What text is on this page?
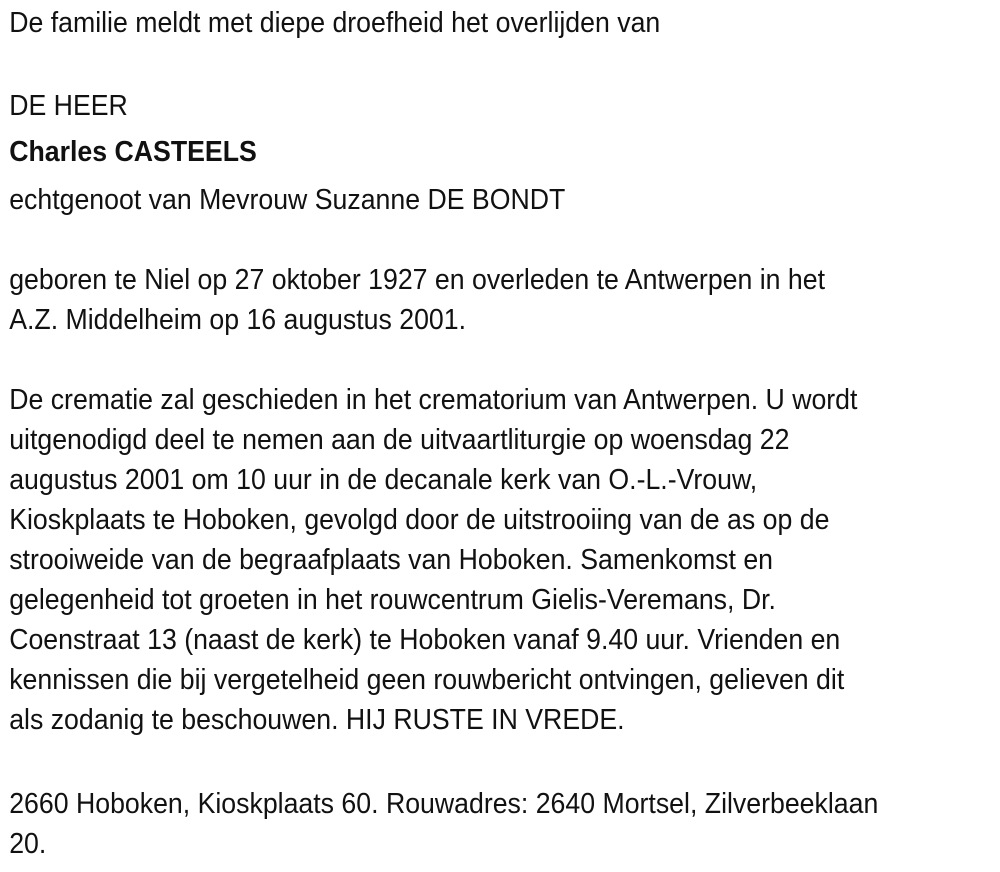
De familie meldt met diepe droefheid het overlijden van

DE HEER

Charles CASTEELS

echtgenoot van Mevrouw Suzanne DE BONDT

geboren te Niel op 27 oktober 1927 en overleden te Antwerpen in het
A.Z. Middelheim op 16 augustus 2001.
De crematie zal geschieden in het crematorium van Antwerpen. U wordt
uitgenodigd deel te nemen aan de uitvaartliturgie op woensdag 22
augustus 2001 om 10 uur in de decanale kerk van O.-L.-Vrouw,
Kioskplaats te Hoboken, gevolgd door de uitstrooiing van de as op de
strooiweide van de begraafplaats van Hoboken. Samenkomst en
gelegenheid tot groeten in het rouwcentrum Gielis-Veremans, Dr.
Coenstraat 13 (naast de kerk) te Hoboken vanaf 9.40 uur. Vrienden en
kennissen die bij vergetelheid geen rouwbericht ontvingen, gelieven dit
als zodanig te beschouwen. HIJ RUSTE IN VREDE.
2660 Hoboken, Kioskplaats 60. Rouwadres: 2640 Mortsel, Zilverbeeklaan
20.
